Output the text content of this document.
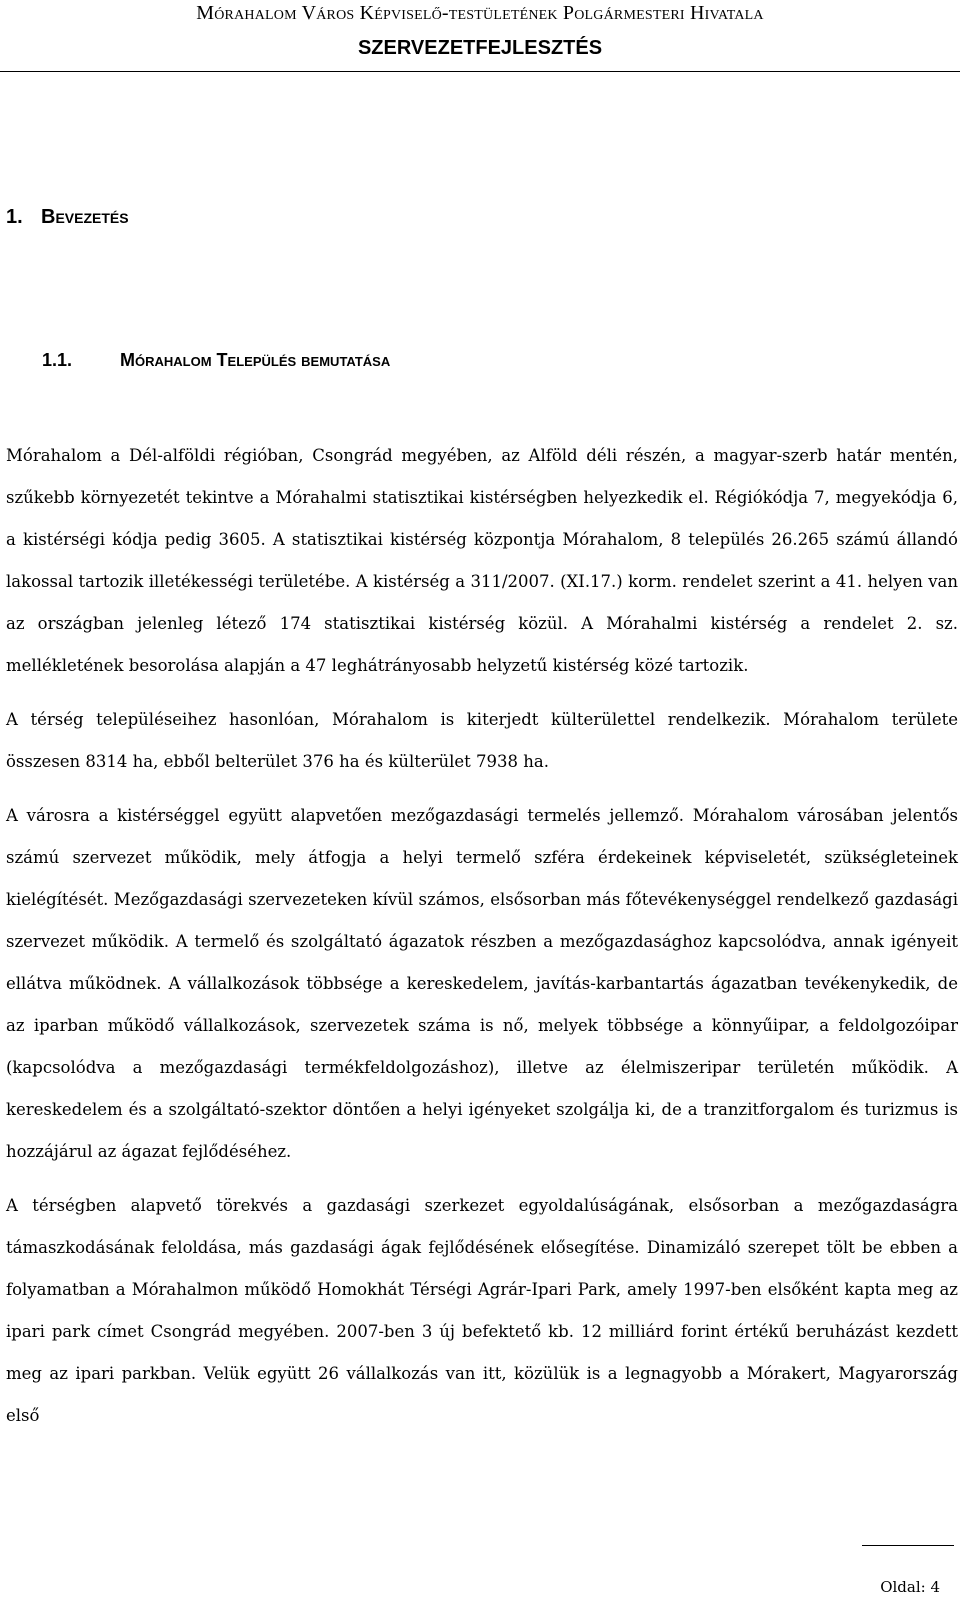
Mórahalom Város Képviselő-testületének Polgármesteri Hivatala
SZERVEZETFEJLESZTÉS
1. Bevezetés
1.1.	Mórahalom Település bemutatása

Mórahalom a Dél-alföldi régióban, Csongrád megyében, az Alföld déli részén, a magyar-szerb határ mentén, szűkebb környezetét tekintve a Mórahalmi statisztikai kistérségben helyezkedik el. Régiókódja 7, megyekódja 6, a kistérségi kódja pedig 3605. A statisztikai kistérség központja Mórahalom, 8 település 26.265 számú állandó lakossal tartozik illetékességi területébe. A kistérség a 311/2007. (XI.17.) korm. rendelet szerint a 41. helyen van az országban jelenleg létező 174 statisztikai kistérség közül. A Mórahalmi kistérség a rendelet 2. sz. mellékletének besorolása alapján a 47 leghátrányosabb helyzetű kistérség közé tartozik.

A térség településeihez hasonlóan, Mórahalom is kiterjedt külterülettel rendelkezik. Mórahalom területe összesen 8314 ha, ebből belterület 376 ha és külterület 7938 ha.

A városra a kistérséggel együtt alapvetően mezőgazdasági termelés jellemző. Mórahalom városában jelentős számú szervezet működik, mely átfogja a helyi termelő szféra érdekeinek képviseletét, szükségleteinek kielégítését. Mezőgazdasági szervezeteken kívül számos, elsősorban más főtevékenységgel rendelkező gazdasági szervezet működik. A termelő és szolgáltató ágazatok részben a mezőgazdasághoz kapcsolódva, annak igényeit ellátva működnek. A vállalkozások többsége a kereskedelem, javítás-karbantartás ágazatban tevékenykedik, de az iparban működő vállalkozások, szervezetek száma is nő, melyek többsége a könnyűipar, a feldolgozóipar (kapcsolódva a mezőgazdasági termékfeldolgozáshoz), illetve az élelmiszeripar területén működik. A kereskedelem és a szolgáltató-szektor döntően a helyi igényeket szolgálja ki, de a tranzitforgalom és turizmus is hozzájárul az ágazat fejlődéséhez.

A térségben alapvető törekvés a gazdasági szerkezet egyoldalúságának, elsősorban a mezőgazdaságra támaszkodásának feloldása, más gazdasági ágak fejlődésének elősegítése. Dinamizáló szerepet tölt be ebben a folyamatban a Mórahalmon működő Homokhát Térségi Agrár-Ipari Park, amely 1997-ben elsőként kapta meg az ipari park címet Csongrád megyében. 2007-ben 3 új befektető kb. 12 milliárd forint értékű beruházást kezdett meg az ipari parkban. Velük együtt 26 vállalkozás van itt, közülük is a legnagyobb a Mórakert, Magyarország első

Oldal: 4
